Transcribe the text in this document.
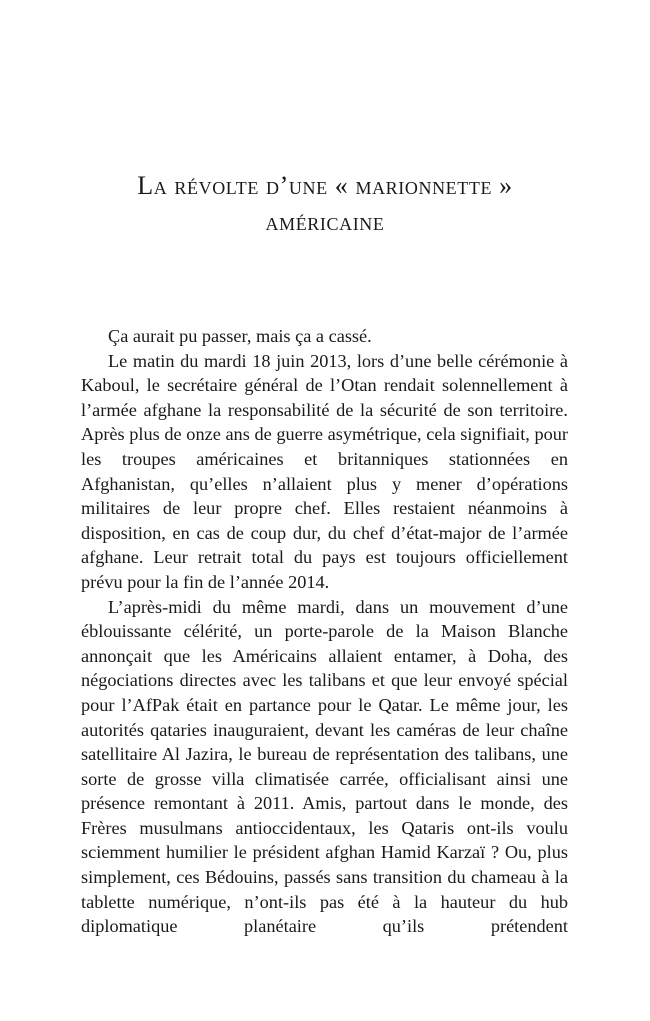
La révolte d’une « marionnette »
américaine

Ça aurait pu passer, mais ça a cassé.

Le matin du mardi 18 juin 2013, lors d’une belle cérémonie à Kaboul, le secrétaire général de l’Otan rendait solennellement à l’armée afghane la responsabilité de la sécurité de son territoire. Après plus de onze ans de guerre asymétrique, cela signifiait, pour les troupes américaines et britanniques stationnées en Afghanistan, qu’elles n’allaient plus y mener d’opérations militaires de leur propre chef. Elles restaient néanmoins à disposition, en cas de coup dur, du chef d’état-major de l’armée afghane. Leur retrait total du pays est toujours officiellement prévu pour la fin de l’année 2014.

L’après-midi du même mardi, dans un mouvement d’une éblouissante célérité, un porte-parole de la Maison Blanche annonçait que les Américains allaient entamer, à Doha, des négociations directes avec les talibans et que leur envoyé spécial pour l’AfPak était en partance pour le Qatar. Le même jour, les autorités qataries inauguraient, devant les caméras de leur chaîne satellitaire Al Jazira, le bureau de représentation des talibans, une sorte de grosse villa climatisée carrée, officialisant ainsi une présence remontant à 2011. Amis, partout dans le monde, des Frères musulmans antioccidentaux, les Qataris ont-ils voulu sciemment humilier le président afghan Hamid Karzaï ? Ou, plus simplement, ces Bédouins, passés sans transition du chameau à la tablette numérique, n’ont-ils pas été à la hauteur du hub diplomatique planétaire qu’ils prétendent
